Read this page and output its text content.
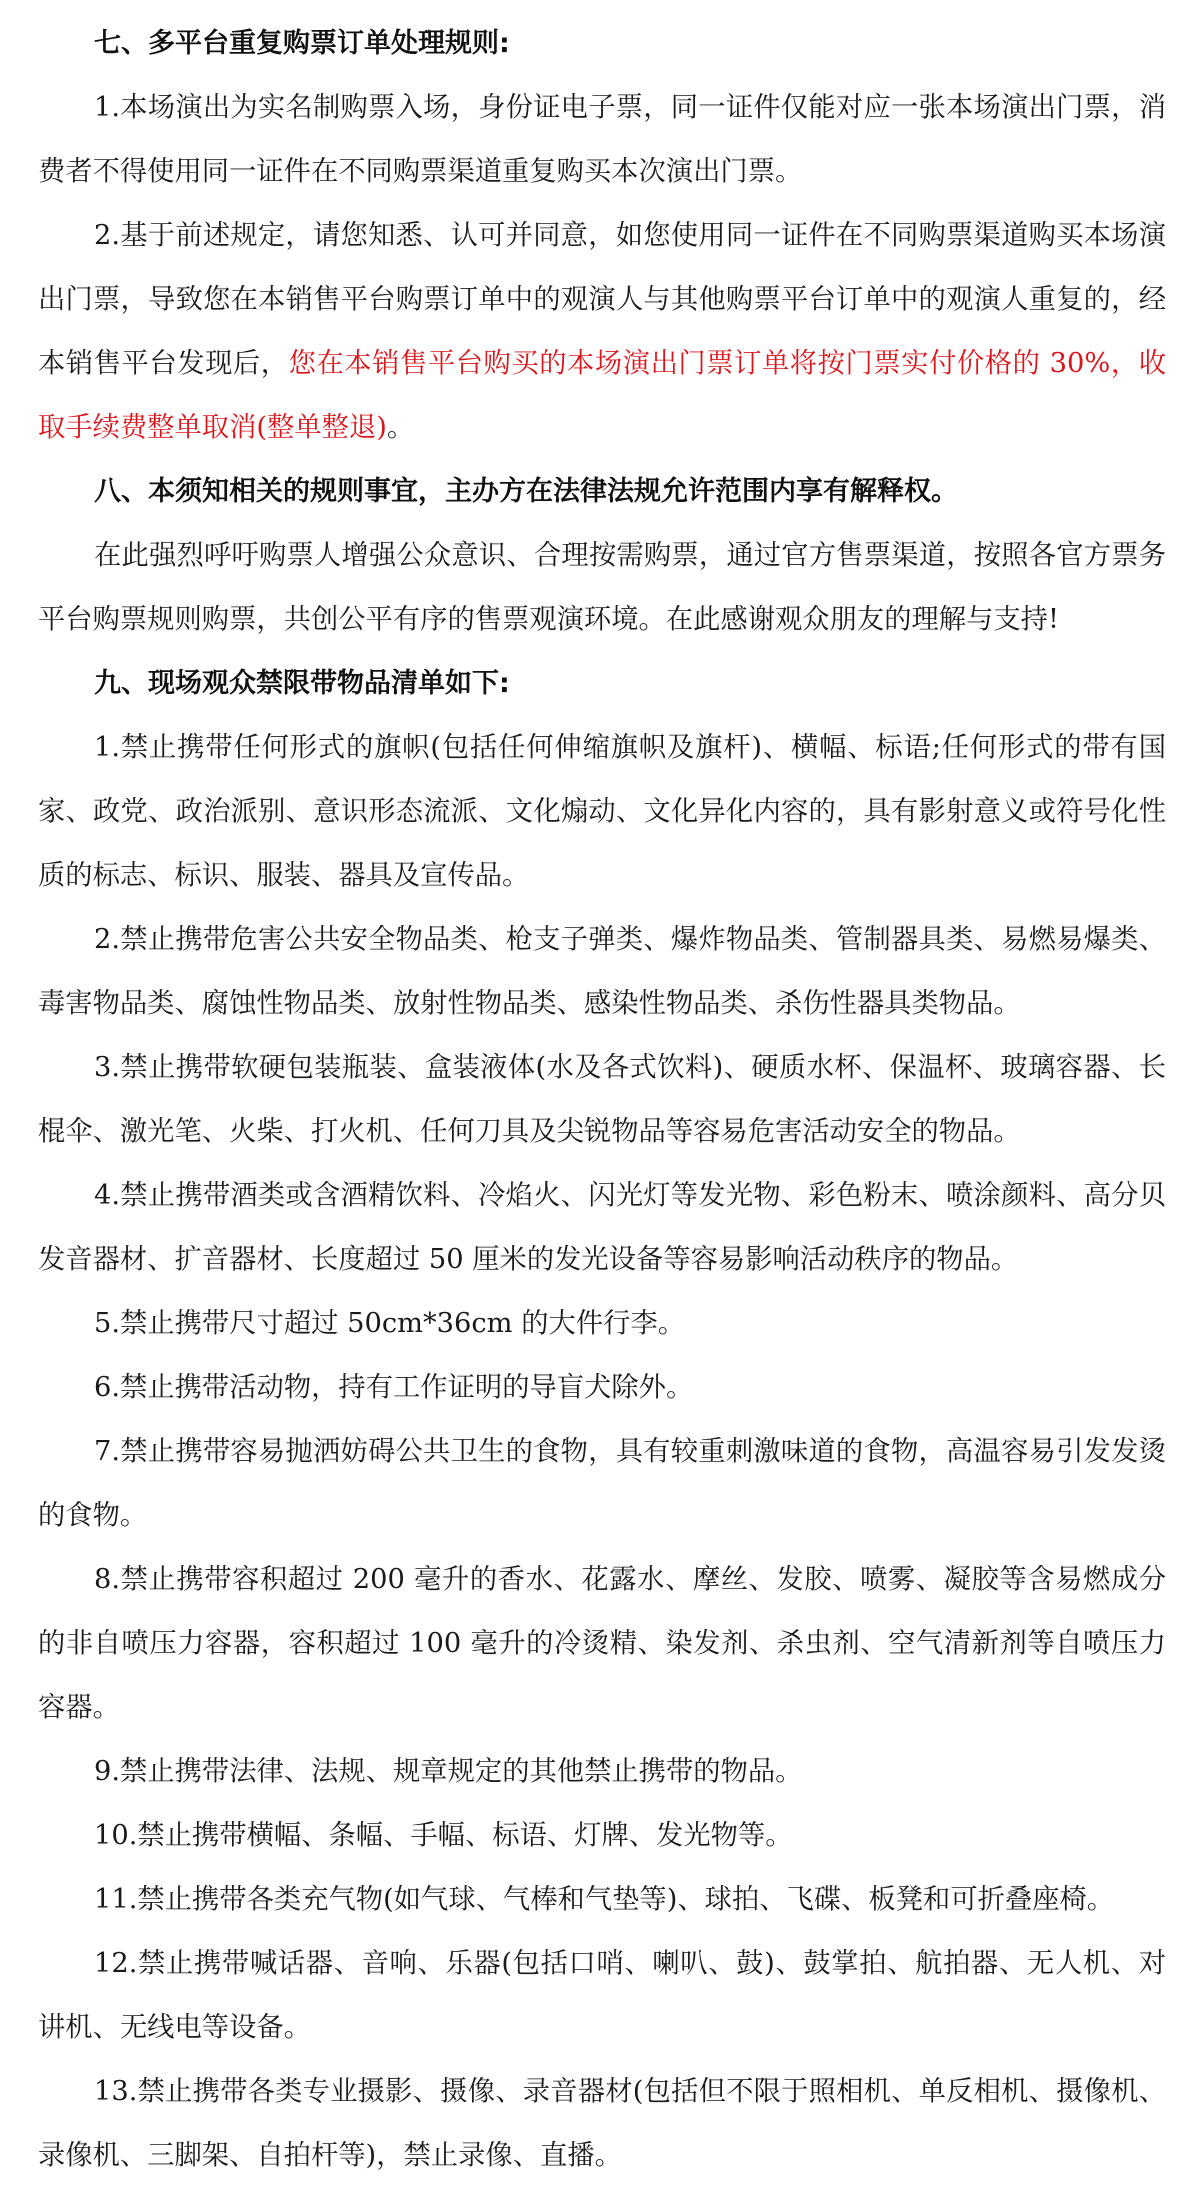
七、多平台重复购票订单处理规则:

1.本场演出为实名制购票入场，身份证电子票，同一证件仅能对应一张本场演出门票，消费者不得使用同一证件在不同购票渠道重复购买本次演出门票。

2.基于前述规定，请您知悉、认可并同意，如您使用同一证件在不同购票渠道购买本场演出门票，导致您在本销售平台购票订单中的观演人与其他购票平台订单中的观演人重复的，经本销售平台发现后，您在本销售平台购买的本场演出门票订单将按门票实付价格的 30%，收取手续费整单取消(整单整退)。

八、本须知相关的规则事宜，主办方在法律法规允许范围内享有解释权。

在此强烈呼吁购票人增强公众意识、合理按需购票，通过官方售票渠道，按照各官方票务平台购票规则购票，共创公平有序的售票观演环境。在此感谢观众朋友的理解与支持!

九、现场观众禁限带物品清单如下:

1.禁止携带任何形式的旗帜(包括任何伸缩旗帜及旗杆)、横幅、标语;任何形式的带有国家、政党、政治派别、意识形态流派、文化煽动、文化异化内容的，具有影射意义或符号化性质的标志、标识、服装、器具及宣传品。

2.禁止携带危害公共安全物品类、枪支子弹类、爆炸物品类、管制器具类、易燃易爆类、毒害物品类、腐蚀性物品类、放射性物品类、感染性物品类、杀伤性器具类物品。

3.禁止携带软硬包装瓶装、盒装液体(水及各式饮料)、硬质水杯、保温杯、玻璃容器、长棍伞、激光笔、火柴、打火机、任何刀具及尖锐物品等容易危害活动安全的物品。

4.禁止携带酒类或含酒精饮料、冷焰火、闪光灯等发光物、彩色粉末、喷涂颜料、高分贝发音器材、扩音器材、长度超过 50 厘米的发光设备等容易影响活动秩序的物品。

5.禁止携带尺寸超过 50cm*36cm 的大件行李。

6.禁止携带活动物，持有工作证明的导盲犬除外。

7.禁止携带容易抛洒妨碍公共卫生的食物，具有较重刺激味道的食物，高温容易引发发烫的食物。

8.禁止携带容积超过 200 毫升的香水、花露水、摩丝、发胶、喷雾、凝胶等含易燃成分的非自喷压力容器，容积超过 100 毫升的冷烫精、染发剂、杀虫剂、空气清新剂等自喷压力容器。

9.禁止携带法律、法规、规章规定的其他禁止携带的物品。

10.禁止携带横幅、条幅、手幅、标语、灯牌、发光物等。

11.禁止携带各类充气物(如气球、气棒和气垫等)、球拍、飞碟、板凳和可折叠座椅。

12.禁止携带喊话器、音响、乐器(包括口哨、喇叭、鼓)、鼓掌拍、航拍器、无人机、对讲机、无线电等设备。

13.禁止携带各类专业摄影、摄像、录音器材(包括但不限于照相机、单反相机、摄像机、录像机、三脚架、自拍杆等)，禁止录像、直播。
